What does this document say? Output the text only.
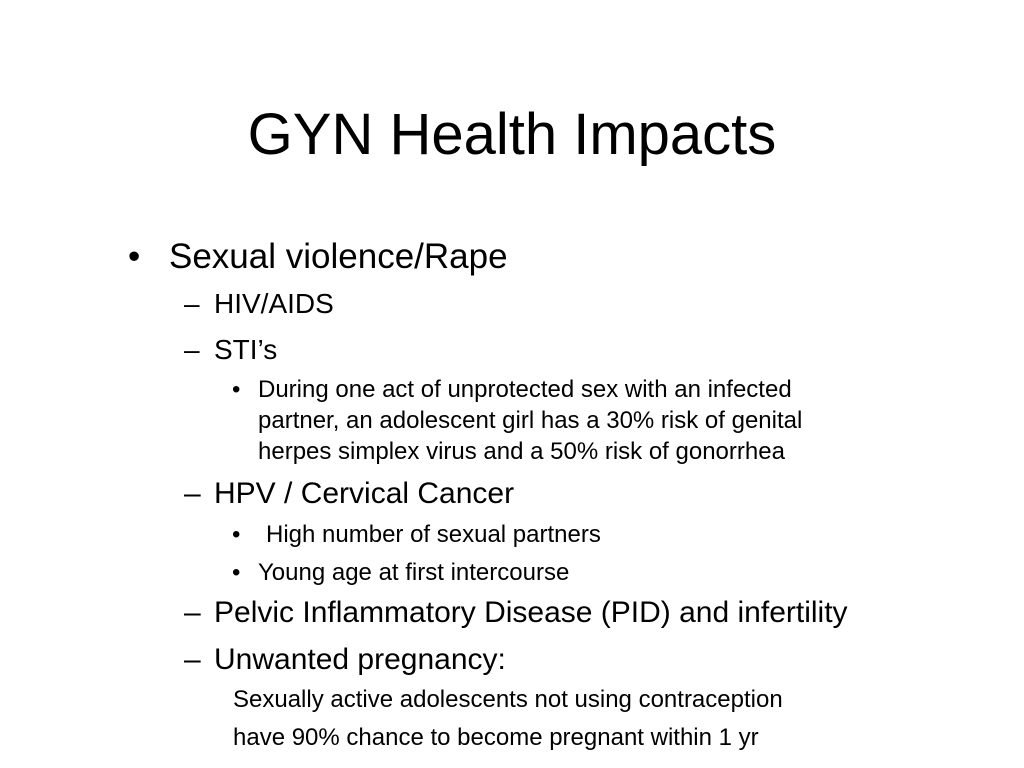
GYN Health Impacts
• Sexual violence/Rape
– HIV/AIDS
– STI’s
• During one act of unprotected sex with an infected
partner, an adolescent girl has a 30% risk of genital
herpes simplex virus and a 50% risk of gonorrhea
– HPV / Cervical Cancer
• High number of sexual partners
• Young age at first intercourse
– Pelvic Inflammatory Disease (PID) and infertility
– Unwanted pregnancy:
Sexually active adolescents not using contraception
have 90% chance to become pregnant within 1 yr
